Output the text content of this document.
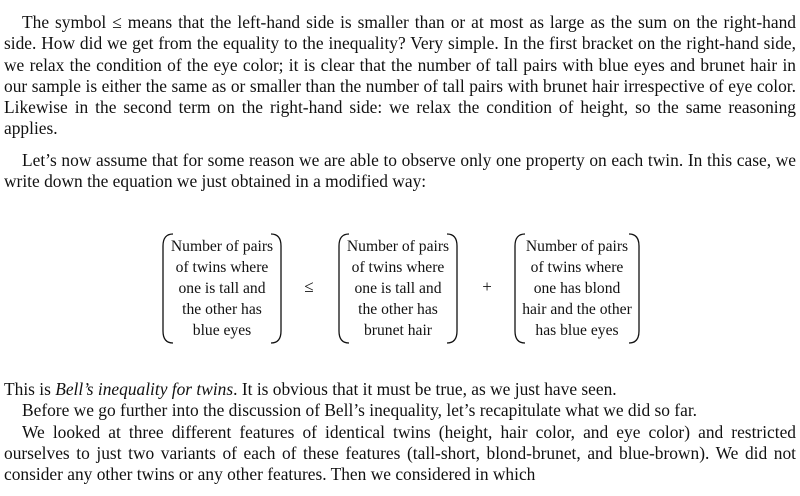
The symbol ≤ means that the left-hand side is smaller than or at most as large as the sum on the right-hand side. How did we get from the equality to the inequality? Very simple. In the first bracket on the right-hand side, we relax the condition of the eye color; it is clear that the number of tall pairs with blue eyes and brunet hair in our sample is either the same as or smaller than the number of tall pairs with brunet hair irrespective of eye color. Likewise in the second term on the right-hand side: we relax the condition of height, so the same reasoning applies.

Let’s now assume that for some reason we are able to observe only one property on each twin. In this case, we write down the equation we just obtained in a modified way:

Number of pairs
of twins where
one is tall and
the other has
blue eyes
≤
Number of pairs
of twins where
one is tall and
the other has
brunet hair
+
Number of pairs
of twins where
one has blond
hair and the other
has blue eyes

This is Bell’s inequality for twins. It is obvious that it must be true, as we just have seen.

Before we go further into the discussion of Bell’s inequality, let’s recapitulate what we did so far.

We looked at three different features of identical twins (height, hair color, and eye color) and restricted ourselves to just two variants of each of these features (tall-short, blond-brunet, and blue-brown). We did not consider any other twins or any other features. Then we considered in which
